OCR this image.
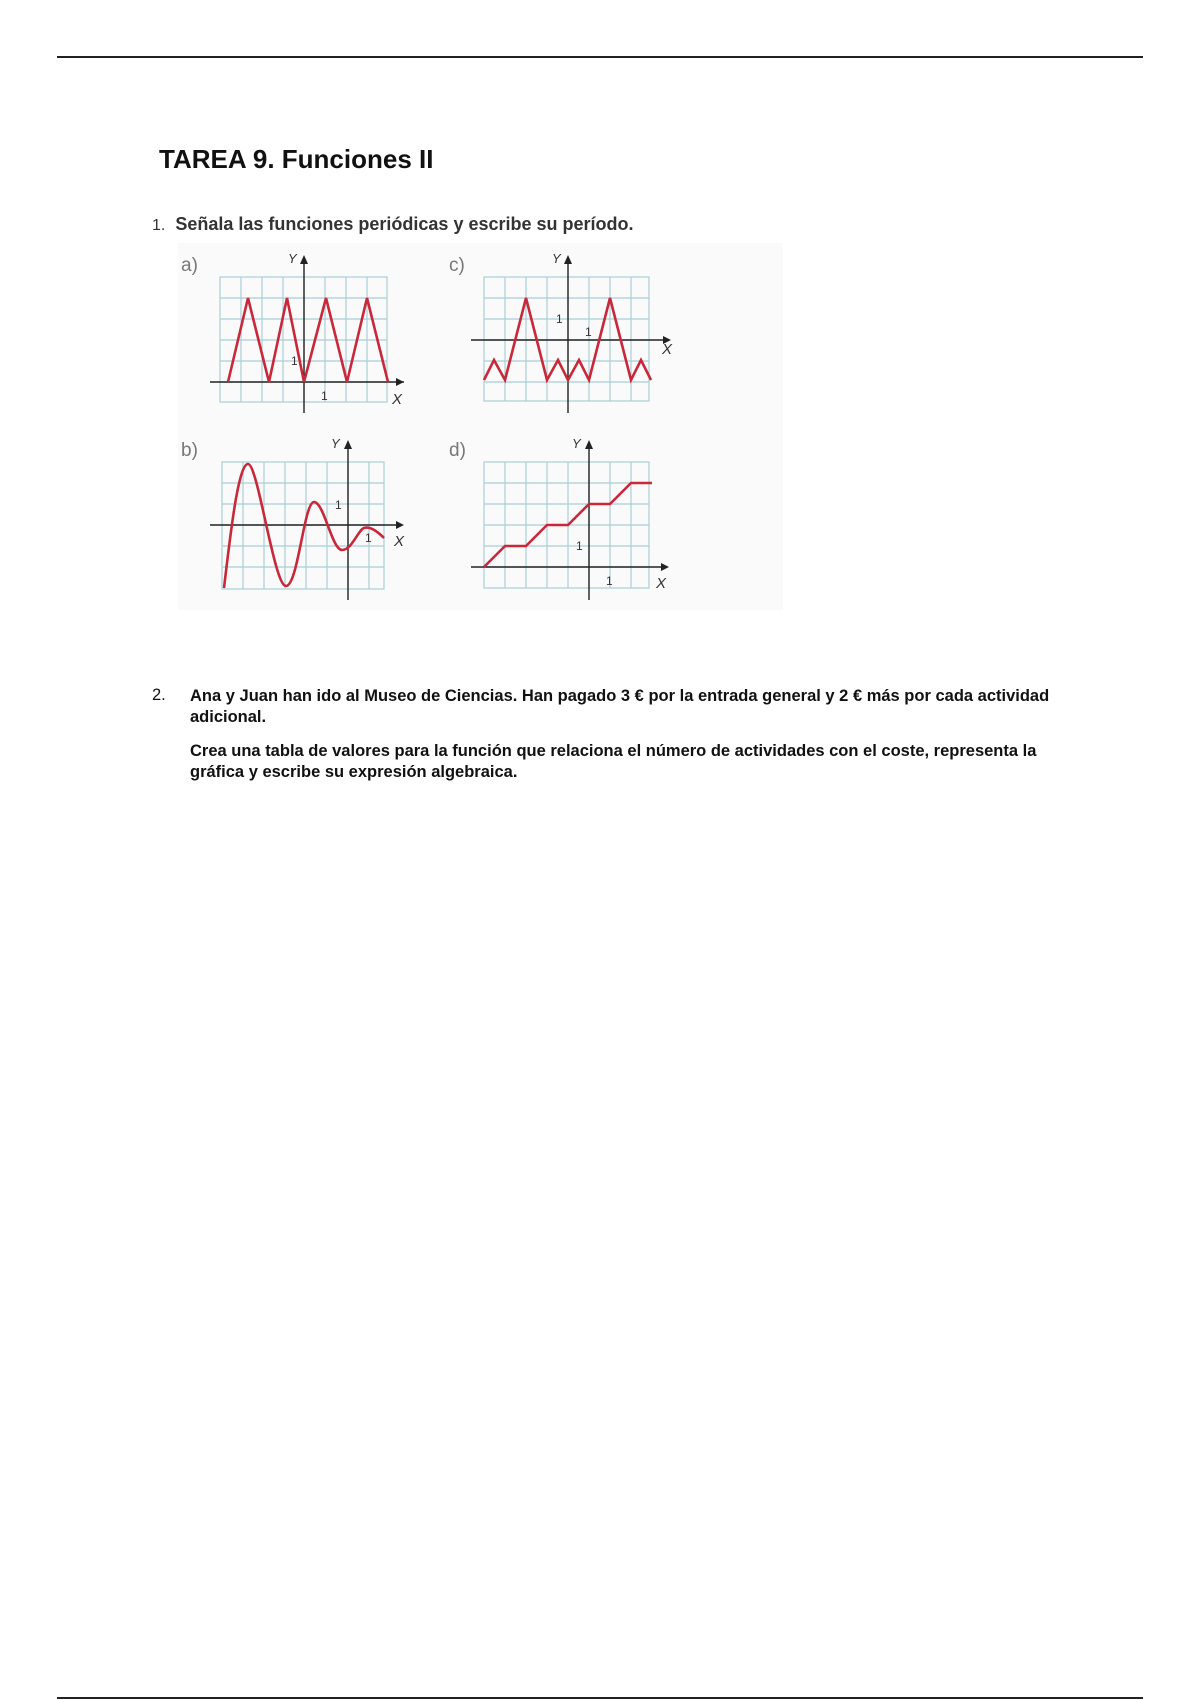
TAREA 9. Funciones II
1. Señala las funciones periódicas y escribe su período.
a)	Y
X
1
1
c)	Y
X
1
1
b)	Y
X
1
1
d)	Y
X
1
1
2. Ana y Juan han ido al Museo de Ciencias. Han pagado 3 € por la entrada general y 2 € más por cada actividad adicional.

Crea una tabla de valores para la función que relaciona el número de actividades con el coste, representa la gráfica y escribe su expresión algebraica.
